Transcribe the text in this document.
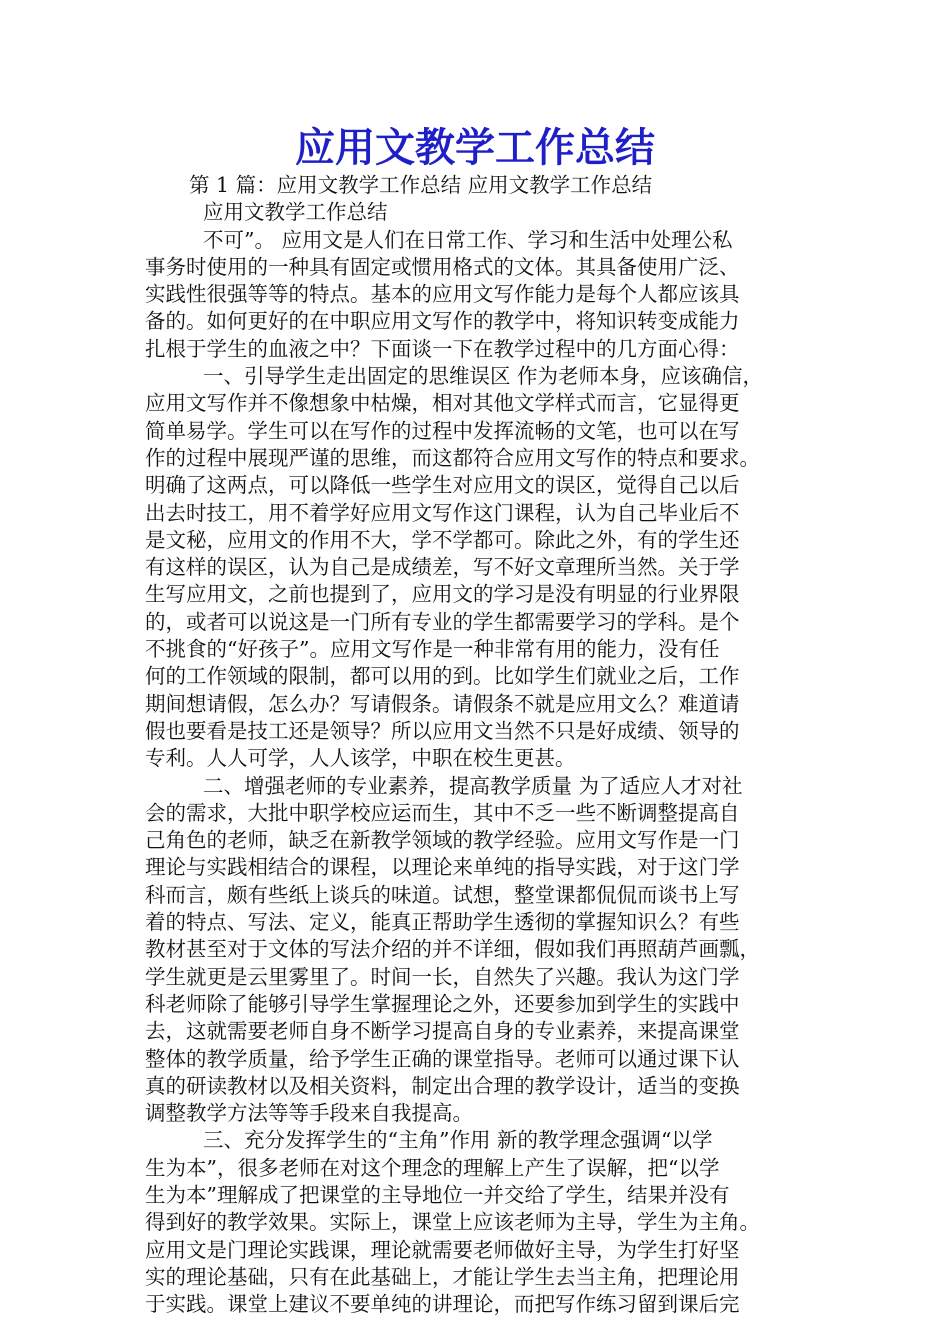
应用文教学工作总结
第 1 篇：应用文教学工作总结 应用文教学工作总结
应用文教学工作总结
不可”。 应用文是人们在日常工作、学习和生活中处理公私
事务时使用的一种具有固定或惯用格式的文体。其具备使用广泛、
实践性很强等等的特点。基本的应用文写作能力是每个人都应该具
备的。如何更好的在中职应用文写作的教学中，将知识转变成能力
扎根于学生的血液之中？下面谈一下在教学过程中的几方面心得：
一、引导学生走出固定的思维误区 作为老师本身，应该确信，
应用文写作并不像想象中枯燥，相对其他文学样式而言，它显得更
简单易学。学生可以在写作的过程中发挥流畅的文笔，也可以在写
作的过程中展现严谨的思维，而这都符合应用文写作的特点和要求。
明确了这两点，可以降低一些学生对应用文的误区，觉得自己以后
出去时技工，用不着学好应用文写作这门课程，认为自己毕业后不
是文秘，应用文的作用不大，学不学都可。除此之外，有的学生还
有这样的误区，认为自己是成绩差，写不好文章理所当然。关于学
生写应用文，之前也提到了，应用文的学习是没有明显的行业界限
的，或者可以说这是一门所有专业的学生都需要学习的学科。是个
不挑食的“好孩子”。应用文写作是一种非常有用的能力，没有任
何的工作领域的限制，都可以用的到。比如学生们就业之后，工作
期间想请假，怎么办？写请假条。请假条不就是应用文么？难道请
假也要看是技工还是领导？所以应用文当然不只是好成绩、领导的
专利。人人可学，人人该学，中职在校生更甚。
二、增强老师的专业素养，提高教学质量 为了适应人才对社
会的需求，大批中职学校应运而生，其中不乏一些不断调整提高自
己角色的老师，缺乏在新教学领域的教学经验。应用文写作是一门
理论与实践相结合的课程，以理论来单纯的指导实践，对于这门学
科而言，颇有些纸上谈兵的味道。试想，整堂课都侃侃而谈书上写
着的特点、写法、定义，能真正帮助学生透彻的掌握知识么？有些
教材甚至对于文体的写法介绍的并不详细，假如我们再照葫芦画瓢，
学生就更是云里雾里了。时间一长，自然失了兴趣。我认为这门学
科老师除了能够引导学生掌握理论之外，还要参加到学生的实践中
去，这就需要老师自身不断学习提高自身的专业素养，来提高课堂
整体的教学质量，给予学生正确的课堂指导。老师可以通过课下认
真的研读教材以及相关资料，制定出合理的教学设计，适当的变换
调整教学方法等等手段来自我提高。
三、充分发挥学生的“主角”作用 新的教学理念强调“以学
生为本”，很多老师在对这个理念的理解上产生了误解，把“以学
生为本”理解成了把课堂的主导地位一并交给了学生，结果并没有
得到好的教学效果。实际上，课堂上应该老师为主导，学生为主角。
应用文是门理论实践课，理论就需要老师做好主导，为学生打好坚
实的理论基础，只有在此基础上，才能让学生去当主角，把理论用
于实践。课堂上建议不要单纯的讲理论，而把写作练习留到课后完
